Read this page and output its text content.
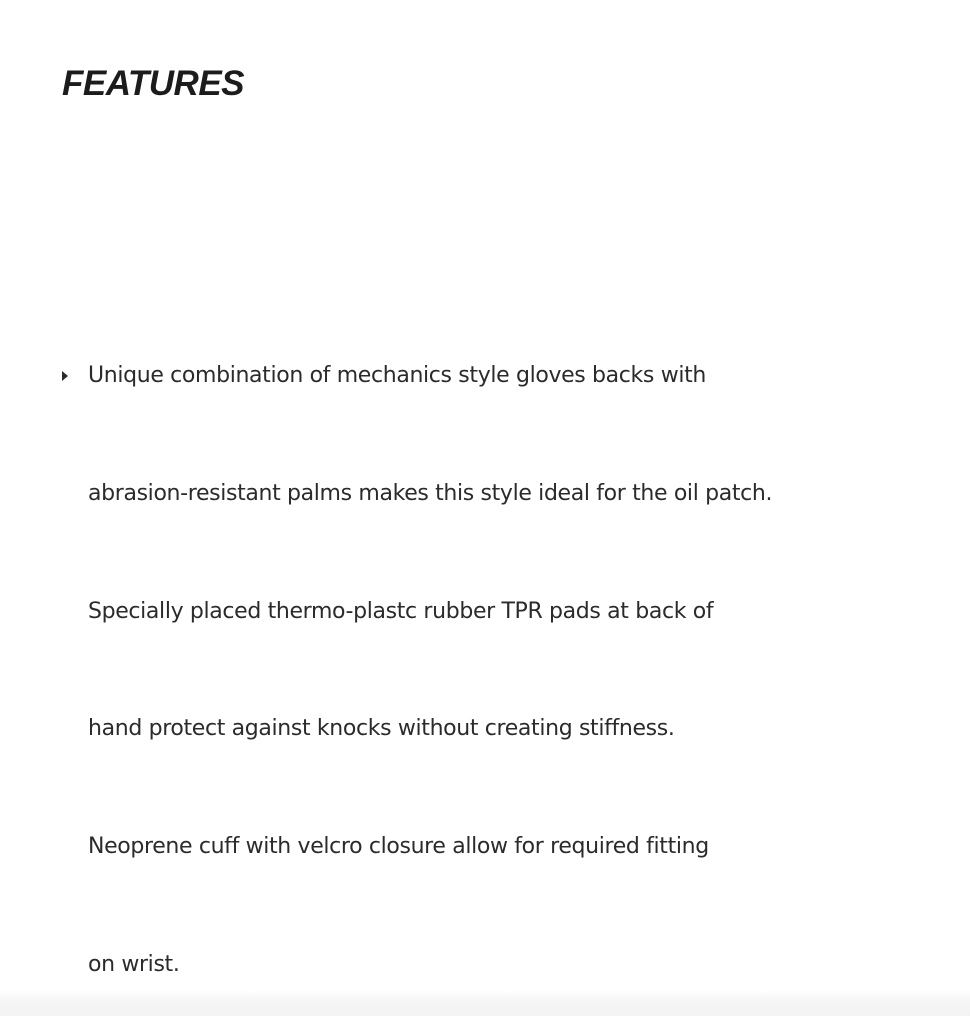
FEATURES
Unique combination of mechanics style gloves backs with
abrasion-resistant palms makes this style ideal for the oil patch.
Specially placed thermo-plastc rubber TPR pads at back of
hand protect against knocks without creating stiffness.
Neoprene cuff with velcro closure allow for required fitting
on wrist.
